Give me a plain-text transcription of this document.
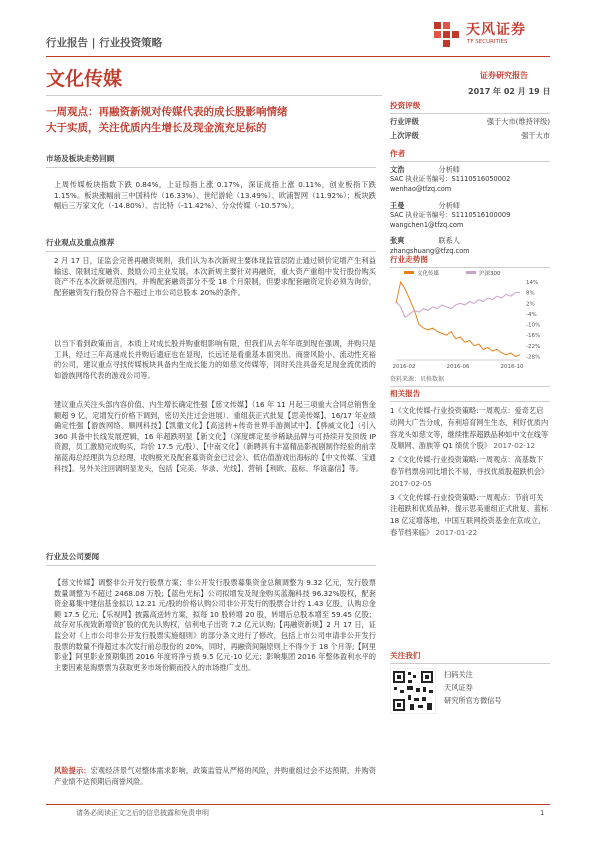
行业报告 | 行业投资策略
天风证券
TF SECURITIES
文化传媒	证券研究报告
2017 年 02 月 19 日
一周观点：再融资新规对传媒代表的成长股影响情绪
大于实质，关注优质内生增长及现金流充足标的
投资评级
行业评级	强于大市(维持评级)
上次评级	强于大市
作者
文浩	分析师
SAC 执业证书编号：S1110516050002
wenhao@tfzq.com
王曼	分析师
SAC 执业证书编号：S1110516100009
wangchen1@tfzq.com
张爽	联系人
zhangshuang@tfzq.com
行业走势图
文化传媒	沪深300
14%
8%
2%
-4%
-10%
-16%
-22%
-28%
2016-02	2016-06	2016-10
资料来源：贝格数据
相关报告

1《文化传媒-行业投资策略:一周观点：爱奇艺启动网大广告分成，有利培育网生生态，利好优质内容龙头如慈文等，继续推荐超跌品种如中文在线等及顺网、游族等 Q1 绩优个股》 2017-02-12

2《文化传媒-行业投资策略:一周观点：高基数下春节档票房同比增长不易，寻找优质股超跌机会》 2017-02-05

3《文化传媒-行业投资策略:一周观点：节前可关注超跌和优质品种，提示思美重组正式批复、蓝标 18 亿定增落地，中国互联网投资基金在京成立，春节档来临》 2017-01-22

关注我们
扫码关注
天风证券
研究所官方微信号
市场及板块走势回顾
上周传媒板块指数下跌 0.84%，上证综指上涨 0.17%，深证成指上涨 0.11%，创业板指下跌 1.15%。板块涨幅前三中国科传（16.33%）、世纪游轮（13.49%）、欧浦智网（11.92%）；板块跌幅后三万家文化（-14.80%）、吉比特（-11.42%）、分众传媒（-10.57%）。
行业观点及重点推荐
2 月 17 日，证监会完善再融资规则，我们认为本次新规主要体现监管层防止通过锁价定增产生利益输送、限制过度融资、鼓励公司主业发展。本次新规主要针对再融资，重大资产重组中发行股份购买资产不在本次新规范围内，并购配套融资部分不受 18 个月限制，但要求配套融资定价必须为询价，配套融资发行股份符合不超过上市公司总股本 20%的条件。
以当下看到政策而言，本质上对成长股并购重组影响有限，但我们从去年年底到现在强调，并购只是工具，经过三年高速成长并购后遗症也在显现，长远还是看重基本面突出、商誉风险小、流动性充裕的公司，建议重点寻找传媒板块具备内生成长能力的如慈文传媒等，同时关注具备充足现金流优质的如游族网络代表的游戏公司等。
建议重点关注头部内容价值、内生增长确定性强【慈文传媒】（16 年 11 月起三项重大合同总销售金额超 9 亿，定增发行价格下调到，密切关注过会进展）、重组获正式批复【思美传媒】、16/17 年业绩确定性强【游族网络、顺网科技】【凯撒文化】【高送转+传奇世界手游测试中】、【骅威文化】（引入 360 具备中长线发展逻辑，16 年超跌明显【新文化】（深度绑定星爷稀缺品牌与可持续开发顶级 IP 资源，员工激励完成购买，均价 17.5 元/股）、【中南文化】（新聘具有丰富精品影视剧制作经验的前幸福蓝海总经理洪为总经理，收购极光及配套募资资金已过会）、低估值游戏出海标的【中文传媒、宝通科技】。另外关注回调明显龙头，包括【完美、华录、光线】、营销【利欧、蓝标、华谊嘉信】等。
行业及公司要闻
【慈文传媒】调整非公开发行股票方案；非公开发行股票募集资金总额调整为 9.32 亿元，发行股票数量调整为不超过 2468.08 万股;【蓝色光标】公司拟增发及现金购买蓝瀚科技 96.32%股权，配套资金募集中建信基金拟以 12.21 元/股的价格认购公司非公开发行的股票合计约 1.43 亿股，认购总金额 17.5 亿元;【乐视网】披露高送转方案，拟每 10 股转增 20 股，转增后总股本增至 59.45 亿股；故存对乐视致新增资扩股的优先认购权，信利电子出资 7.2 亿元认购;【再融资新规】2 月 17 日，证监会对《上市公司非公开发行股票实施细则》的部分条文进行了修改，包括上市公司申请非公开发行股票的数量不得超过本次发行前总股份的 20%，同时，再融资间隔原则上不得少于 18 个月等;【阿里影业】阿里影业预期集团 2016 年度将净亏损 9.5 亿元-10 亿元；影响集团 2016 年整体盈利水平的主要因素是淘票票为获取更多市场份额而投入的市场推广支出。
风险提示：宏观经济景气对整体需求影响，政策监管从严格的风险，并购重组过会不达预期，并购资产业绩不达预期后商誉风险。
请务必阅读正文之后的信息披露和免责申明	1
